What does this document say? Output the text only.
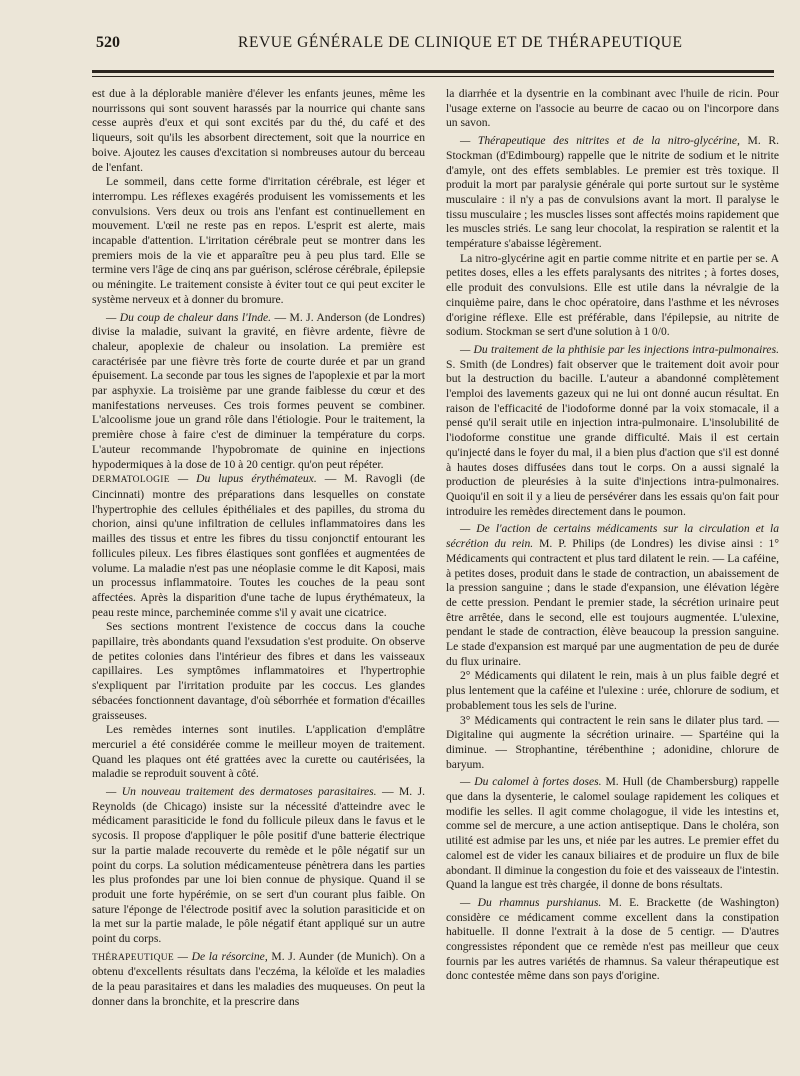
520	REVUE GÉNÉRALE DE CLINIQUE ET DE THÉRAPEUTIQUE

est due à la déplorable manière d'élever les enfants jeunes, même les nourrissons qui sont souvent harassés par la nourrice qui chante sans cesse auprès d'eux et qui sont excités par du thé, du café et des liqueurs, soit qu'ils les absorbent directement, soit que la nourrice en boive. Ajoutez les causes d'excitation si nombreuses autour du berceau de l'enfant.

Le sommeil, dans cette forme d'irritation cérébrale, est léger et interrompu. Les réflexes exagérés produisent les vomissements et les convulsions. Vers deux ou trois ans l'enfant est continuellement en mouvement. L'œil ne reste pas en repos. L'esprit est alerte, mais incapable d'attention. L'irritation cérébrale peut se montrer dans les premiers mois de la vie et apparaître peu à peu plus tard. Elle se termine vers l'âge de cinq ans par guérison, sclérose cérébrale, épilepsie ou méningite. Le traitement consiste à éviter tout ce qui peut exciter le système nerveux et à donner du bromure.

— Du coup de chaleur dans l'Inde. — M. J. Anderson (de Londres) divise la maladie, suivant la gravité, en fièvre ardente, fièvre de chaleur, apoplexie de chaleur ou insolation. La première est caractérisée par une fièvre très forte de courte durée et par un grand épuisement. La seconde par tous les signes de l'apoplexie et par la mort par asphyxie. La troisième par une grande faiblesse du cœur et des manifestations nerveuses. Ces trois formes peuvent se combiner. L'alcoolisme joue un grand rôle dans l'étiologie. Pour le traitement, la première chose à faire c'est de diminuer la température du corps. L'auteur recommande l'hypobromate de quinine en injections hypodermiques à la dose de 10 à 20 centigr. qu'on peut répéter.

DERMATOLOGIE — Du lupus érythémateux. — M. Ravogli (de Cincinnati) montre des préparations dans lesquelles on constate l'hypertrophie des cellules épithéliales et des papilles, du stroma du chorion, ainsi qu'une infiltration de cellules inflammatoires dans les mailles des tissus et entre les fibres du tissu conjonctif entourant les follicules pileux. Les fibres élastiques sont gonflées et augmentées de volume. La maladie n'est pas une néoplasie comme le dit Kaposi, mais un processus inflammatoire. Toutes les couches de la peau sont affectées. Après la disparition d'une tache de lupus érythémateux, la peau reste mince, parcheminée comme s'il y avait une cicatrice.

Ses sections montrent l'existence de coccus dans la couche papillaire, très abondants quand l'exsudation s'est produite. On observe de petites colonies dans l'intérieur des fibres et dans les vaisseaux capillaires. Les symptômes inflammatoires et l'hypertrophie s'expliquent par l'irritation produite par les coccus. Les glandes sébacées fonctionnent davantage, d'où séborrhée et formation d'écailles graisseuses.

Les remèdes internes sont inutiles. L'application d'emplâtre mercuriel a été considérée comme le meilleur moyen de traitement. Quand les plaques ont été grattées avec la curette ou cautérisées, la maladie se reproduit souvent à côté.

— Un nouveau traitement des dermatoses parasitaires. — M. J. Reynolds (de Chicago) insiste sur la nécessité d'atteindre avec le médicament parasiticide le fond du follicule pileux dans le favus et le sycosis. Il propose d'appliquer le pôle positif d'une batterie électrique sur la partie malade recouverte du remède et le pôle négatif sur un point du corps. La solution médicamenteuse pénètrera dans les parties les plus profondes par une loi bien connue de physique. Quand il se produit une forte hypérémie, on se sert d'un courant plus faible. On sature l'éponge de l'électrode positif avec la solution parasiticide et on la met sur la partie malade, le pôle négatif étant appliqué sur un autre point du corps.

THÉRAPEUTIQUE — De la résorcine, M. J. Aunder (de Munich). On a obtenu d'excellents résultats dans l'eczéma, la kéloïde et les maladies de la peau parasitaires et dans les maladies des muqueuses. On peut la donner dans la bronchite, et la prescrire dans

la diarrhée et la dysentrie en la combinant avec l'huile de ricin. Pour l'usage externe on l'associe au beurre de cacao ou on l'incorpore dans un savon.

— Thérapeutique des nitrites et de la nitro-glycérine, M. R. Stockman (d'Edimbourg) rappelle que le nitrite de sodium et le nitrite d'amyle, ont des effets semblables. Le premier est très toxique. Il produit la mort par paralysie générale qui porte surtout sur le système musculaire : il n'y a pas de convulsions avant la mort. Il paralyse le tissu musculaire ; les muscles lisses sont affectés moins rapidement que les muscles striés. Le sang leur chocolat, la respiration se ralentit et la température s'abaisse légèrement.

La nitro-glycérine agit en partie comme nitrite et en partie per se. A petites doses, elles a les effets paralysants des nitrites ; à fortes doses, elle produit des convulsions. Elle est utile dans la névralgie de la cinquième paire, dans le choc opératoire, dans l'asthme et les névroses d'origine réflexe. Elle est préférable, dans l'épilepsie, au nitrite de sodium. Stockman se sert d'une solution à 1 0/0.

— Du traitement de la phthisie par les injections intra-pulmonaires. S. Smith (de Londres) fait observer que le traitement doit avoir pour but la destruction du bacille. L'auteur a abandonné complètement l'emploi des lavements gazeux qui ne lui ont donné aucun résultat. En raison de l'efficacité de l'iodoforme donné par la voix stomacale, il a pensé qu'il serait utile en injection intra-pulmonaire. L'insolubilité de l'iodoforme constitue une grande difficulté. Mais il est certain qu'injecté dans le foyer du mal, il a bien plus d'action que s'il est donné à hautes doses diffusées dans tout le corps. On a aussi signalé la production de pleurésies à la suite d'injections intra-pulmonaires. Quoiqu'il en soit il y a lieu de persévérer dans les essais qu'on fait pour introduire les remèdes directement dans le poumon.

— De l'action de certains médicaments sur la circulation et la sécrétion du rein. M. P. Philips (de Londres) les divise ainsi : 1° Médicaments qui contractent et plus tard dilatent le rein. — La caféine, à petites doses, produit dans le stade de contraction, un abaissement de la pression sanguine ; dans le stade d'expansion, une élévation légère de cette pression. Pendant le premier stade, la sécrétion urinaire peut être arrêtée, dans le second, elle est toujours augmentée. L'ulexine, pendant le stade de contraction, élève beaucoup la pression sanguine. Le stade d'expansion est marqué par une augmentation de peu de durée du flux urinaire.

2° Médicaments qui dilatent le rein, mais à un plus faible degré et plus lentement que la caféine et l'ulexine : urée, chlorure de sodium, et probablement tous les sels de l'urine.

3° Médicaments qui contractent le rein sans le dilater plus tard. — Digitaline qui augmente la sécrétion urinaire. — Spartéine qui la diminue. — Strophantine, térébenthine ; adonidine, chlorure de baryum.

— Du calomel à fortes doses. M. Hull (de Chambersburg) rappelle que dans la dysenterie, le calomel soulage rapidement les coliques et modifie les selles. Il agit comme cholagogue, il vide les intestins et, comme sel de mercure, a une action antiseptique. Dans le choléra, son utilité est admise par les uns, et niée par les autres. Le premier effet du calomel est de vider les canaux biliaires et de produire un flux de bile abondant. Il diminue la congestion du foie et des vaisseaux de l'intestin. Quand la langue est très chargée, il donne de bons résultats.

— Du rhamnus purshianus. M. E. Brackette (de Washington) considère ce médicament comme excellent dans la constipation habituelle. Il donne l'extrait à la dose de 5 centigr. — D'autres congressistes répondent que ce remède n'est pas meilleur que ceux fournis par les autres variétés de rhamnus. Sa valeur thérapeutique est donc contestée même dans son pays d'origine.
